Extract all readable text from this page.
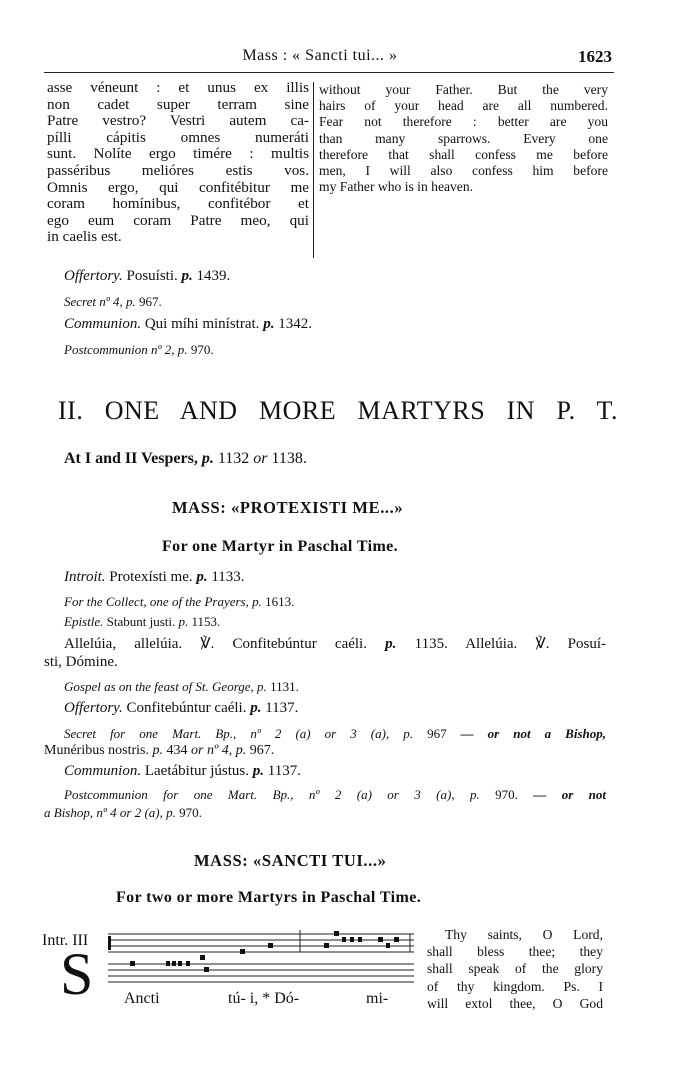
Mass : « Sancti tui... »	1623
asse véneunt : et unus ex illis
non cadet super terram sine
Patre vestro? Vestri autem ca-
pílli cápitis omnes numeráti
sunt. Nolíte ergo timére : multis
passéribus melióres estis vos.
Omnis ergo, qui confitébitur me
coram homínibus, confitébor et
ego eum coram Patre meo, qui
in caelis est.
without your Father. But the very
hairs of your head are all numbered.
Fear not therefore : better are you
than many sparrows. Every one
therefore that shall confess me before
men, I will also confess him before
my Father who is in heaven.
Offertory. Posuísti. p. 1439.
Secret nº 4, p. 967.
Communion. Qui míhi minístrat. p. 1342.
Postcommunion nº 2, p. 970.
II. ONE AND MORE MARTYRS IN P. T.
At I and II Vespers, p. 1132 or 1138.
MASS: «PROTEXISTI ME...»
For one Martyr in Paschal Time.
Introit. Protexísti me. p. 1133.
For the Collect, one of the Prayers, p. 1613.
Epistle. Stabunt justi. p. 1153.
Allelúia, allelúia. ℣. Confitebúntur caéli. p. 1135. Allelúia. ℣. Posuí-
sti, Dómine.
Gospel as on the feast of St. George, p. 1131.
Offertory. Confitebúntur caéli. p. 1137.
Secret for one Mart. Bp., nº 2 (a) or 3 (a), p. 967 — or not a Bishop,
Munéribus nostris. p. 434 or nº 4, p. 967.
Communion. Laetábitur jústus. p. 1137.
Postcommunion for one Mart. Bp., nº 2 (a) or 3 (a), p. 970. — or not
a Bishop, nº 4 or 2 (a), p. 970.
MASS: «SANCTI TUI...»
For two or more Martyrs in Paschal Time.
Intr. III
S Ancti	tú- i, * Dó-	mi-
Thy saints, O Lord,
shall bless thee; they
shall speak of the glory
of thy kingdom. Ps. I
will extol thee, O God
